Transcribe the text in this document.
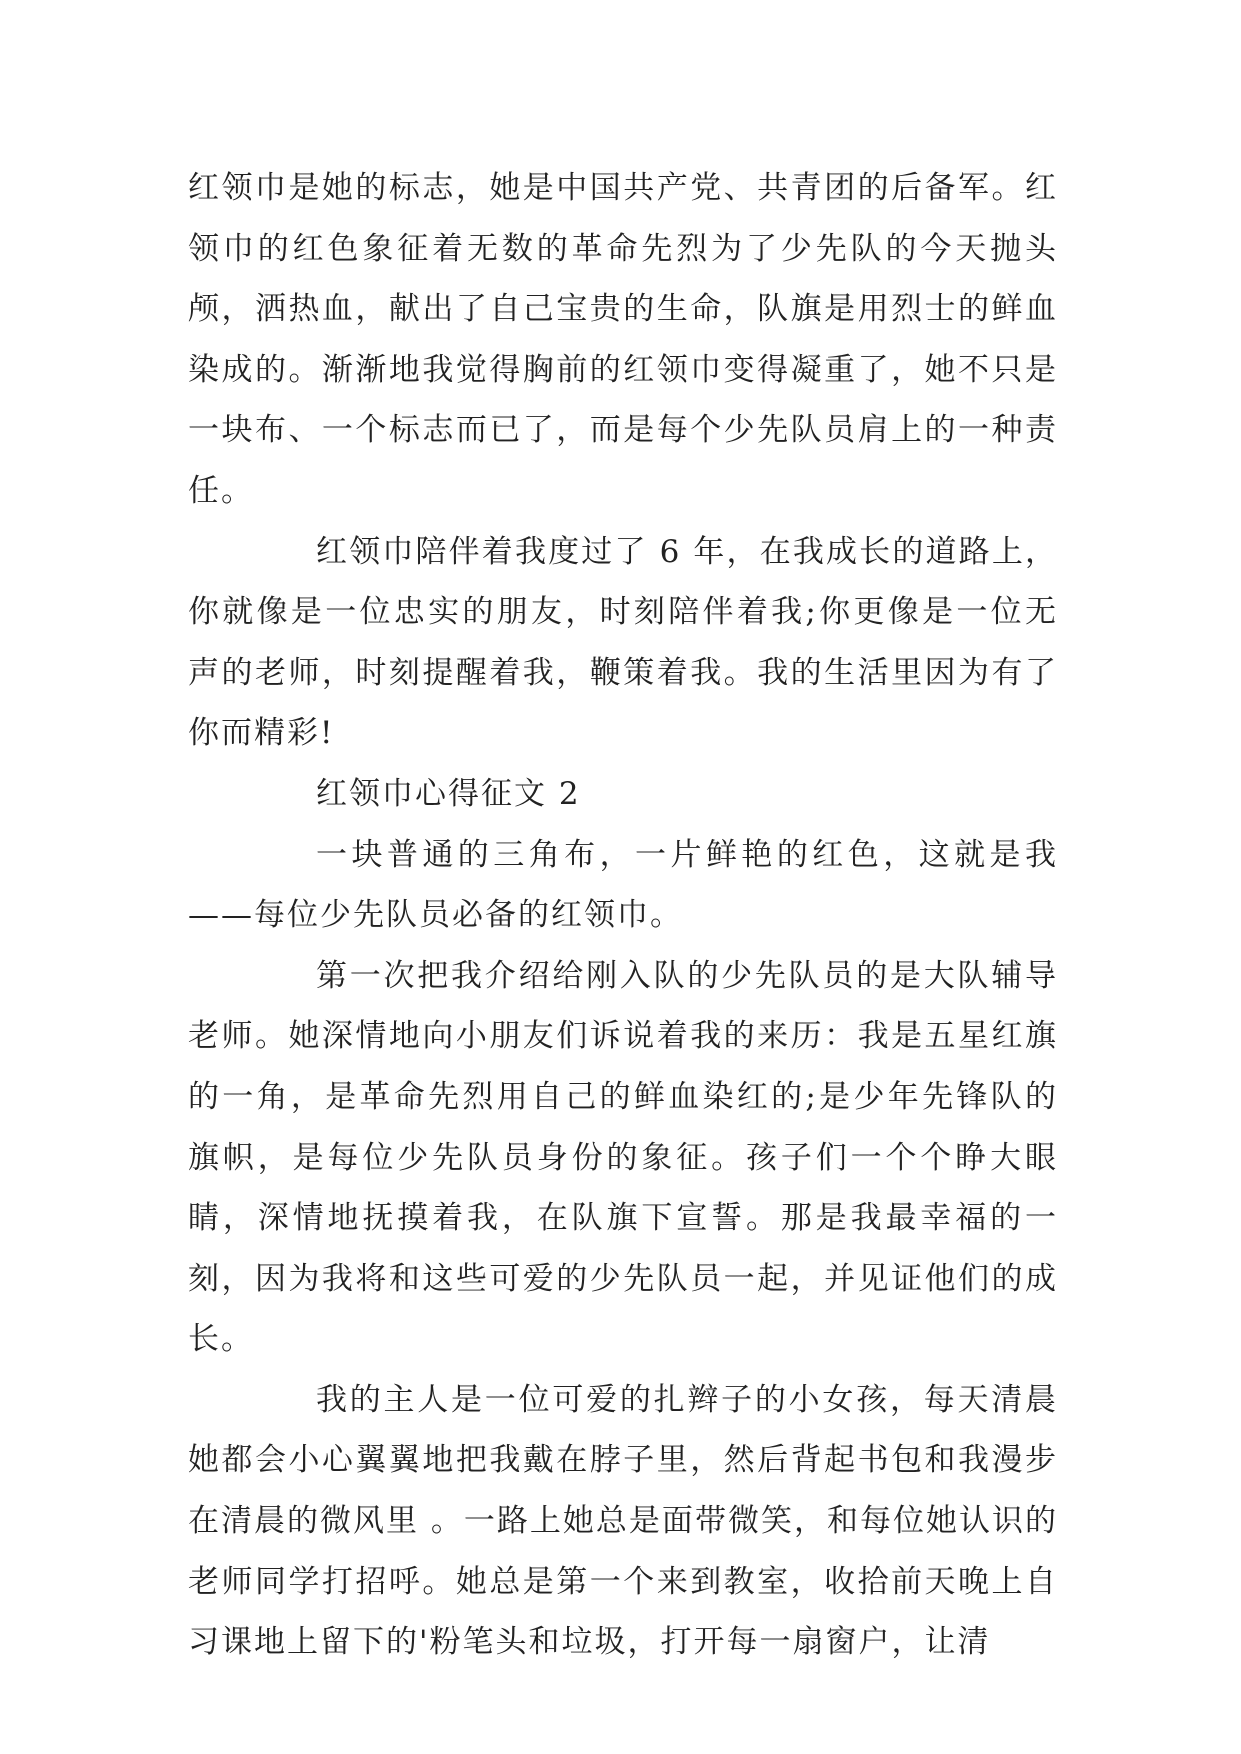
红领巾是她的标志，她是中国共产党、共青团的后备军。红领巾的红色象征着无数的革命先烈为了少先队的今天抛头颅，洒热血，献出了自己宝贵的生命，队旗是用烈士的鲜血染成的。渐渐地我觉得胸前的红领巾变得凝重了，她不只是一块布、一个标志而已了，而是每个少先队员肩上的一种责任。

红领巾陪伴着我度过了 6 年，在我成长的道路上，你就像是一位忠实的朋友，时刻陪伴着我;你更像是一位无声的老师，时刻提醒着我，鞭策着我。我的生活里因为有了你而精彩!

红领巾心得征文 2

一块普通的三角布，一片鲜艳的红色，这就是我——每位少先队员必备的红领巾。

第一次把我介绍给刚入队的少先队员的是大队辅导老师。她深情地向小朋友们诉说着我的来历：我是五星红旗的一角，是革命先烈用自己的鲜血染红的;是少年先锋队的旗帜，是每位少先队员身份的象征。孩子们一个个睁大眼睛，深情地抚摸着我，在队旗下宣誓。那是我最幸福的一刻，因为我将和这些可爱的少先队员一起，并见证他们的成长。

我的主人是一位可爱的扎辫子的小女孩，每天清晨她都会小心翼翼地把我戴在脖子里，然后背起书包和我漫步在清晨的微风里 。一路上她总是面带微笑，和每位她认识的老师同学打招呼。她总是第一个来到教室，收拾前天晚上自习课地上留下的'粉笔头和垃圾，打开每一扇窗户，让清
